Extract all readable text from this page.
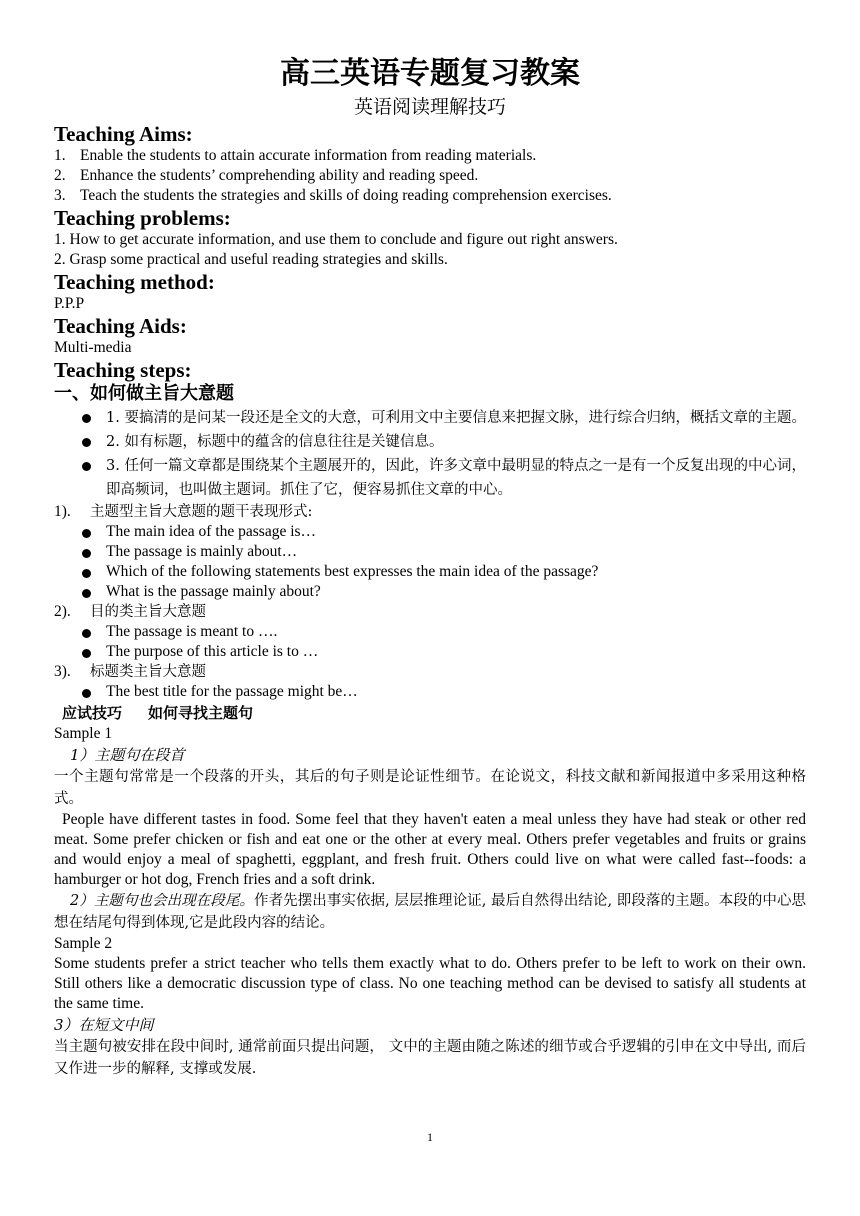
高三英语专题复习教案

英语阅读理解技巧

Teaching Aims:

1. Enable the students to attain accurate information from reading materials.

2. Enhance the students’ comprehending ability and reading speed.

3. Teach the students the strategies and skills of doing reading comprehension exercises.

Teaching problems:

1. How to get accurate information, and use them to conclude and figure out right answers.

2. Grasp some practical and useful reading strategies and skills.

Teaching method:

P.P.P

Teaching Aids:

Multi-media

Teaching steps:

一、如何做主旨大意题

1. 要搞清的是问某一段还是全文的大意，可利用文中主要信息来把握文脉，进行综合归纳，概括文章的主题。
2. 如有标题，标题中的蕴含的信息往往是关键信息。
3. 任何一篇文章都是围绕某个主题展开的，因此，许多文章中最明显的特点之一是有一个反复出现的中心词，即高频词，也叫做主题词。抓住了它，便容易抓住文章的中心。

1). 主题型主旨大意题的题干表现形式:

The main idea of the passage is…
The passage is mainly about…
Which of the following statements best expresses the main idea of the passage?
What is the passage mainly about?

2). 目的类主旨大意题

The passage is meant to ….
The purpose of this article is to …

3). 标题类主旨大意题

The best title for the passage might be…

应试技巧 如何寻找主题句

Sample 1

1）主题句在段首

一个主题句常常是一个段落的开头，其后的句子则是论证性细节。在论说文，科技文献和新闻报道中多采用这种格式。

People have different tastes in food. Some feel that they haven't eaten a meal unless they have had steak or other red meat. Some prefer chicken or fish and eat one or the other at every meal. Others prefer vegetables and fruits or grains and would enjoy a meal of spaghetti, eggplant, and fresh fruit. Others could live on what were called fast--foods: a hamburger or hot dog, French fries and a soft drink.

2）主题句也会出现在段尾。作者先摆出事实依据, 层层推理论证, 最后自然得出结论, 即段落的主题。本段的中心思想在结尾句得到体现,它是此段内容的结论。

Sample 2

Some students prefer a strict teacher who tells them exactly what to do. Others prefer to be left to work on their own. Still others like a democratic discussion type of class. No one teaching method can be devised to satisfy all students at the same time.

3）在短文中间

当主题句被安排在段中间时, 通常前面只提出问题， 文中的主题由随之陈述的细节或合乎逻辑的引申在文中导出, 而后又作进一步的解释, 支撑或发展.

1
